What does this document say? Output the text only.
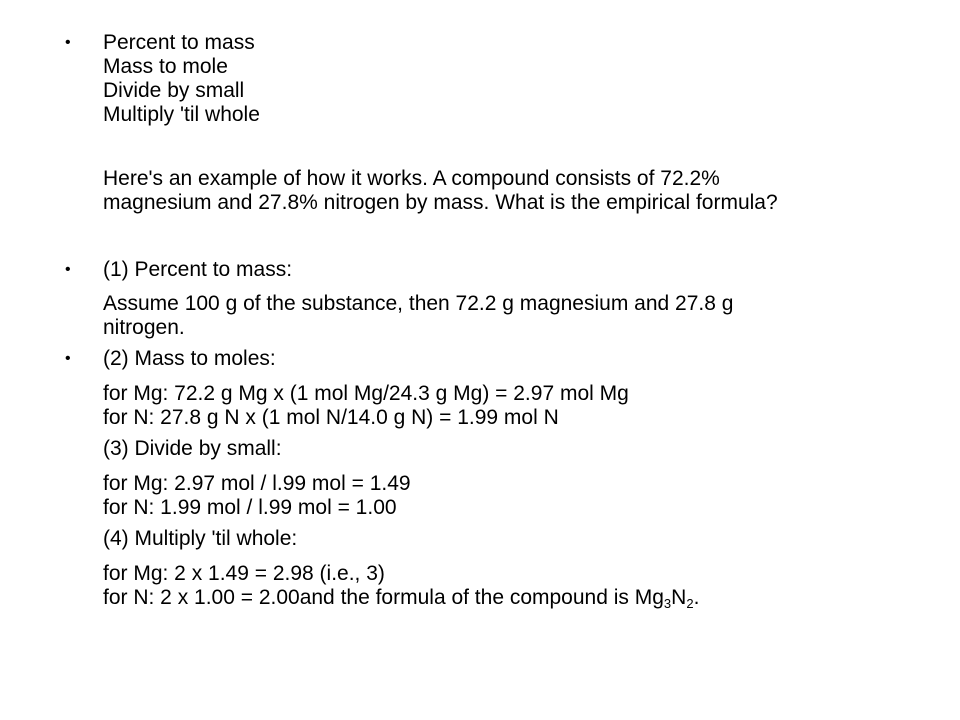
• Percent to mass
Mass to mole
Divide by small
Multiply 'til whole
Here's an example of how it works. A compound consists of 72.2%
magnesium and 27.8% nitrogen by mass. What is the empirical formula?
• (1) Percent to mass:
Assume 100 g of the substance, then 72.2 g magnesium and 27.8 g
nitrogen.
• (2) Mass to moles:
for Mg: 72.2 g Mg x (1 mol Mg/24.3 g Mg) = 2.97 mol Mg
for N: 27.8 g N x (1 mol N/14.0 g N) = 1.99 mol N
(3) Divide by small:
for Mg: 2.97 mol / l.99 mol = 1.49
for N: 1.99 mol / l.99 mol = 1.00
(4) Multiply 'til whole:
for Mg: 2 x 1.49 = 2.98 (i.e., 3)
for N: 2 x 1.00 = 2.00and the formula of the compound is $Mg_3N_2$.
